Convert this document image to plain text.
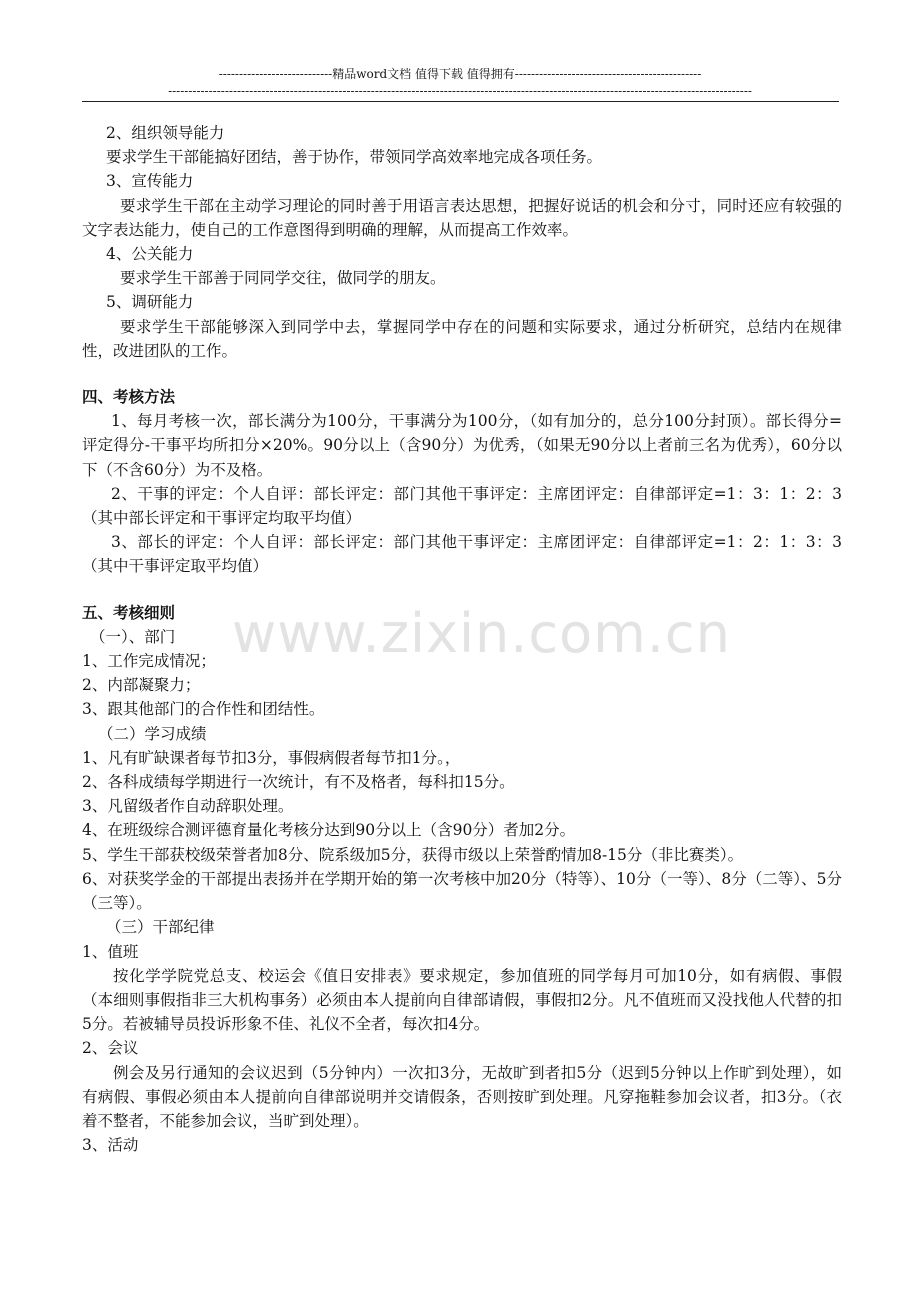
----------------------------精品word文档 值得下载 值得拥有----------------------------------------------
------------------------------------------------------------------------------------------------------------------------------------------------
www.zixin.com.cn

2、组织领导能力

要求学生干部能搞好团结，善于协作，带领同学高效率地完成各项任务。

3、宣传能力

要求学生干部在主动学习理论的同时善于用语言表达思想，把握好说话的机会和分寸，同时还应有较强的文字表达能力，使自己的工作意图得到明确的理解，从而提高工作效率。

4、公关能力

要求学生干部善于同同学交往，做同学的朋友。

5、调研能力

要求学生干部能够深入到同学中去，掌握同学中存在的问题和实际要求，通过分析研究，总结内在规律性，改进团队的工作。

四、考核方法

1、每月考核一次，部长满分为100分，干事满分为100分，（如有加分的，总分100分封顶）。部长得分=评定得分-干事平均所扣分×20%。90分以上（含90分）为优秀，（如果无90分以上者前三名为优秀），60分以下（不含60分）为不及格。

2、干事的评定：个人自评：部长评定：部门其他干事评定：主席团评定：自律部评定=1：3：1：2：3 （其中部长评定和干事评定均取平均值）

3、部长的评定：个人自评：部长评定：部门其他干事评定：主席团评定：自律部评定=1：2：1：3：3 （其中干事评定取平均值）

五、考核细则

（一）、部门

1、工作完成情况；

2、内部凝聚力；

3、跟其他部门的合作性和团结性。

（二）学习成绩

1、凡有旷缺课者每节扣3分，事假病假者每节扣1分。，

2、各科成绩每学期进行一次统计，有不及格者，每科扣15分。

3、凡留级者作自动辞职处理。

4、在班级综合测评德育量化考核分达到90分以上（含90分）者加2分。

5、学生干部获校级荣誉者加8分、院系级加5分，获得市级以上荣誉酌情加8-15分（非比赛类）。

6、对获奖学金的干部提出表扬并在学期开始的第一次考核中加20分（特等）、10分（一等）、8分（二等）、5分（三等）。

（三）干部纪律

1、值班

按化学学院党总支、校运会《值日安排表》要求规定，参加值班的同学每月可加10分，如有病假、事假（本细则事假指非三大机构事务）必须由本人提前向自律部请假，事假扣2分。凡不值班而又没找他人代替的扣5分。若被辅导员投诉形象不佳、礼仪不全者，每次扣4分。

2、会议

例会及另行通知的会议迟到（5分钟内）一次扣3分，无故旷到者扣5分（迟到5分钟以上作旷到处理），如有病假、事假必须由本人提前向自律部说明并交请假条，否则按旷到处理。凡穿拖鞋参加会议者，扣3分。（衣着不整者，不能参加会议，当旷到处理）。

3、活动
